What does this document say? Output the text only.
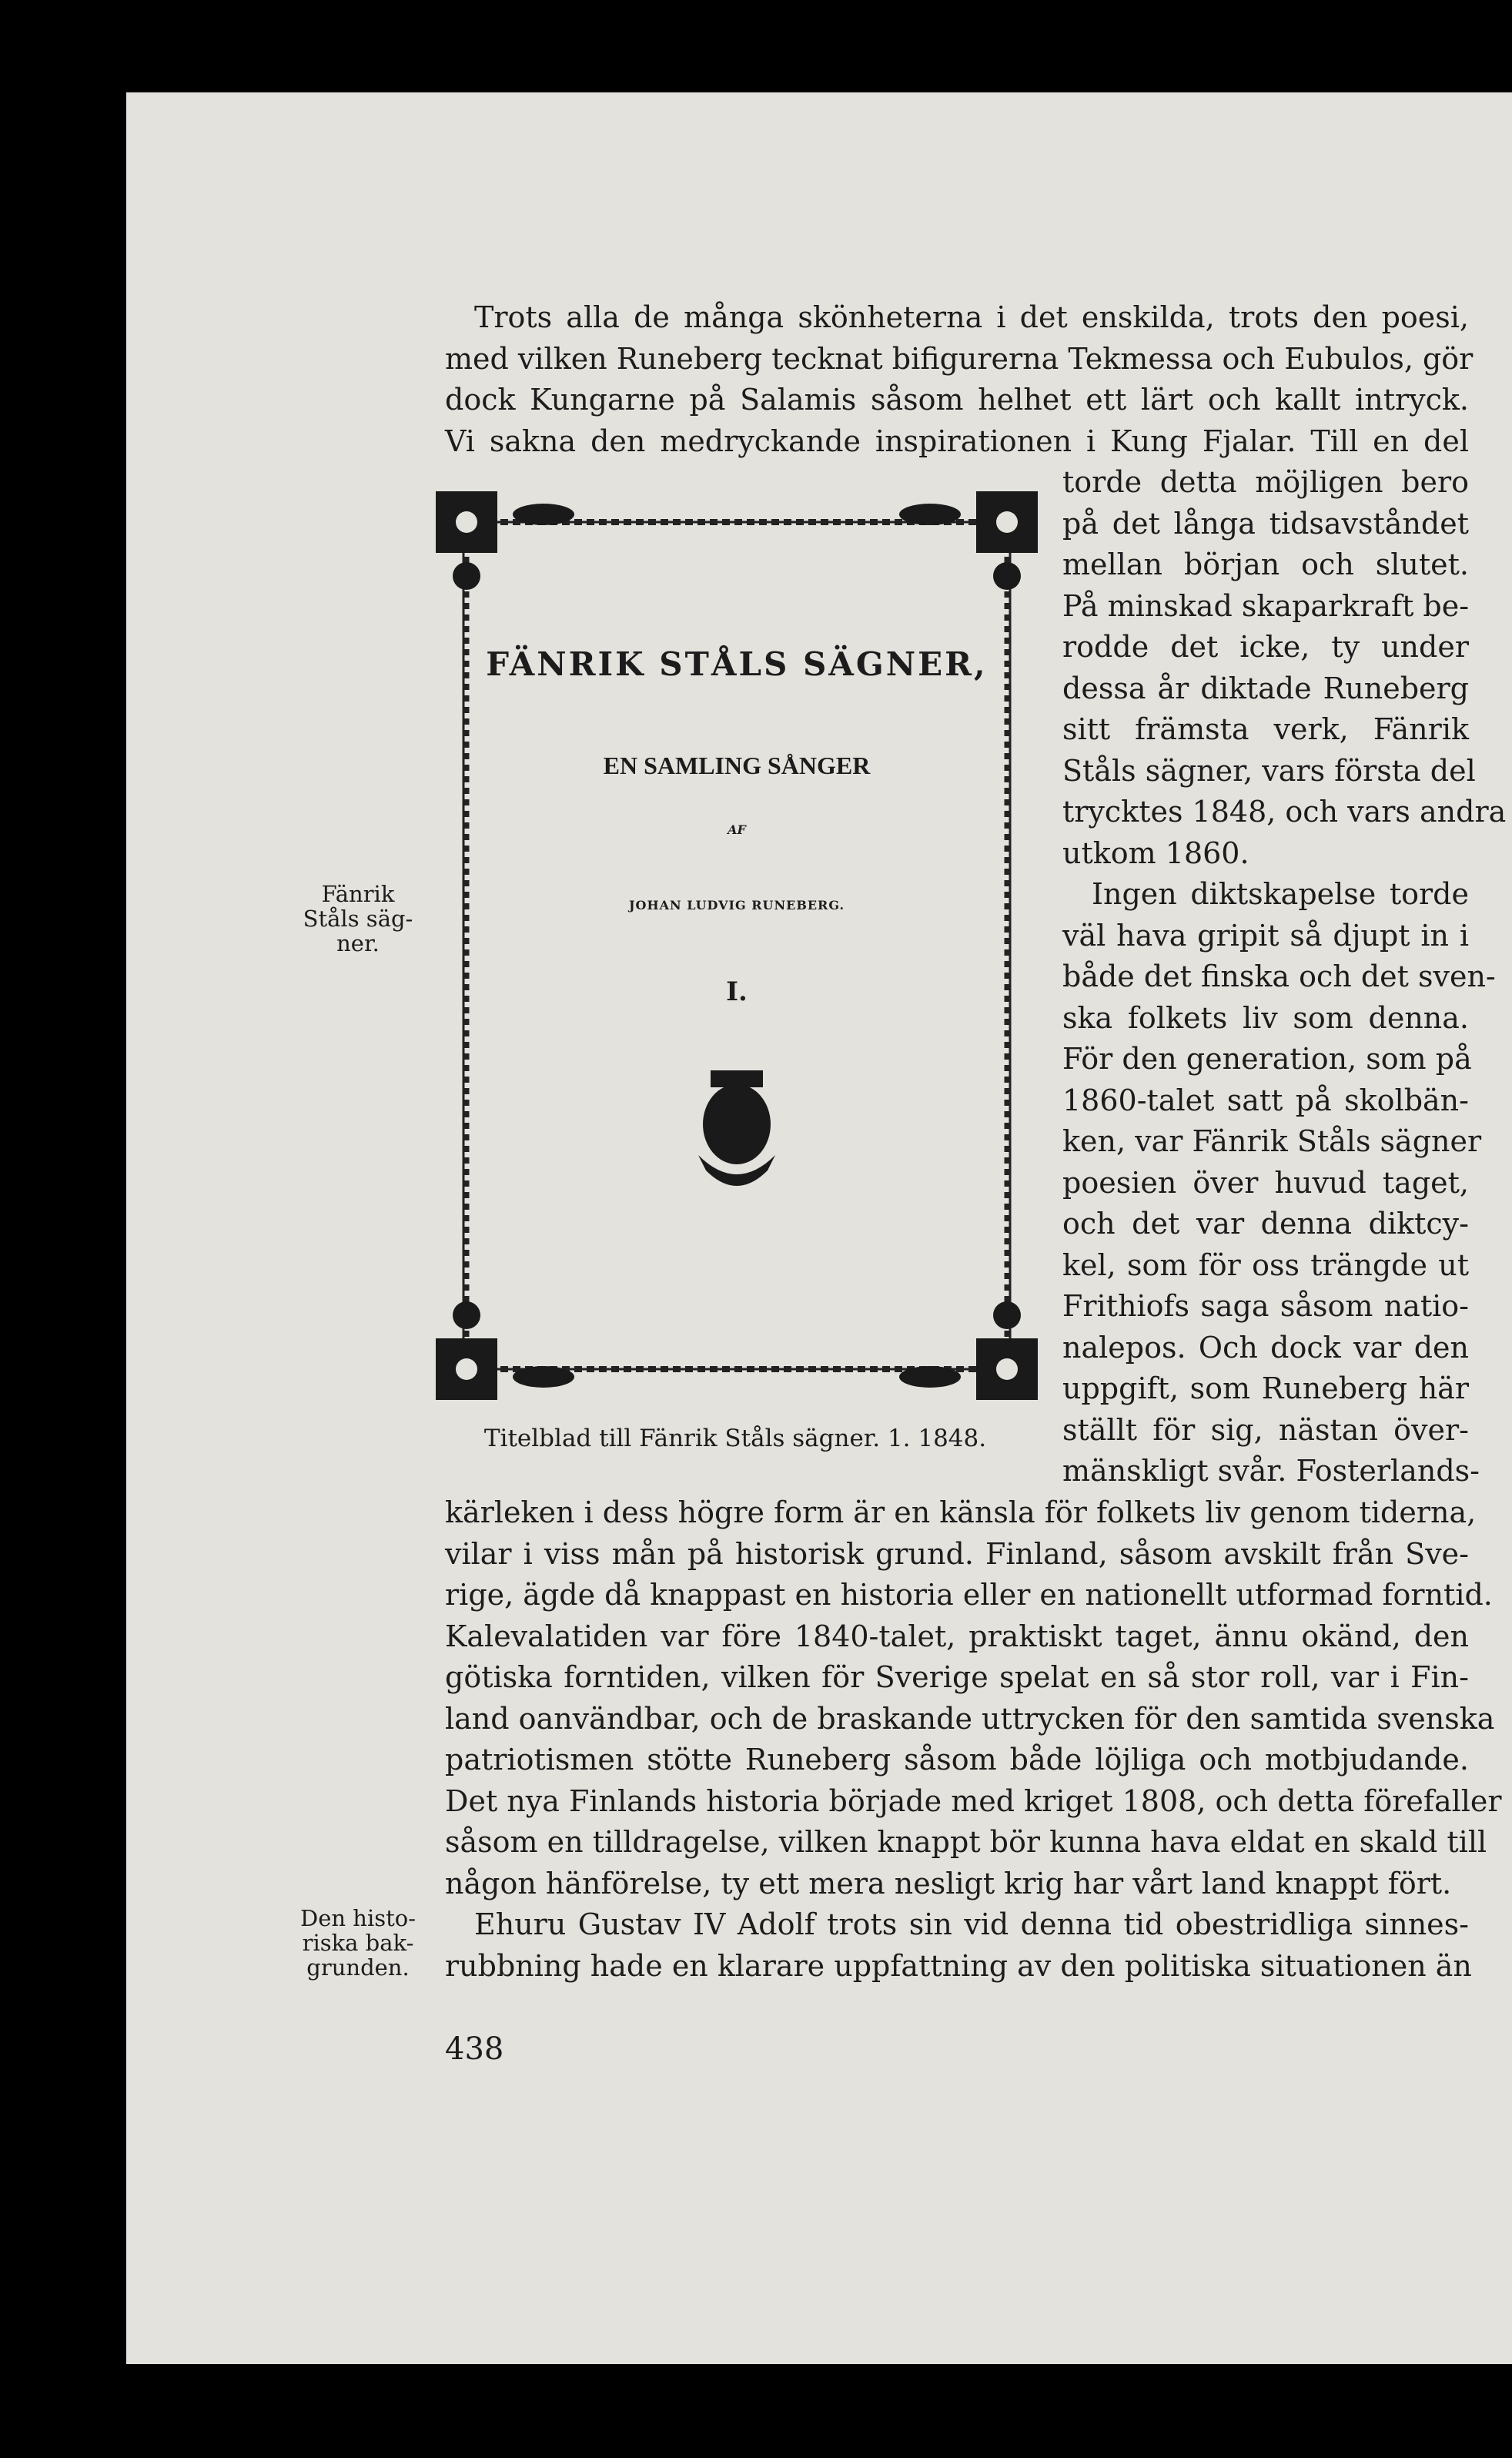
Trots alla de många skönheterna i det enskilda, trots den poesi,
med vilken Runeberg tecknat bifigurerna Tekmessa och Eubulos, gör
dock Kungarne på Salamis såsom helhet ett lärt och kallt intryck.
Vi sakna den medryckande inspirationen i Kung Fjalar. Till en del
torde detta möjligen bero
på det långa tidsavståndet
mellan början och slutet.
På minskad skaparkraft be-
rodde det icke, ty under
dessa år diktade Runeberg
sitt främsta verk, Fänrik
Ståls sägner, vars första del
trycktes 1848, och vars andra
utkom 1860.
Ingen diktskapelse torde
väl hava gripit så djupt in i
både det finska och det sven-
ska folkets liv som denna.
För den generation, som på
1860-talet satt på skolbän-
ken, var Fänrik Ståls sägner
poesien över huvud taget,
och det var denna diktcy-
kel, som för oss trängde ut
Frithiofs saga såsom natio-
nalepos. Och dock var den
uppgift, som Runeberg här
ställt för sig, nästan över-
mänskligt svår. Fosterlands-
kärleken i dess högre form är en känsla för folkets liv genom tiderna,
vilar i viss mån på historisk grund. Finland, såsom avskilt från Sve-
rige, ägde då knappast en historia eller en nationellt utformad forntid.
Kalevalatiden var före 1840-talet, praktiskt taget, ännu okänd, den
götiska forntiden, vilken för Sverige spelat en så stor roll, var i Fin-
land oanvändbar, och de braskande uttrycken för den samtida svenska
patriotismen stötte Runeberg såsom både löjliga och motbjudande.
Det nya Finlands historia började med kriget 1808, och detta förefaller
såsom en tilldragelse, vilken knappt bör kunna hava eldat en skald till
någon hänförelse, ty ett mera nesligt krig har vårt land knappt fört.
Ehuru Gustav IV Adolf trots sin vid denna tid obestridliga sinnes-
rubbning hade en klarare uppfattning av den politiska situationen än
Fänrik
Ståls säg-
ner.
Den histo-
riska bak-
grunden.
FÄNRIK STÅLS SÄGNER,
EN SAMLING SÅNGER
AF
JOHAN LUDVIG RUNEBERG.
I.
Titelblad till Fänrik Ståls sägner. 1. 1848.
438
